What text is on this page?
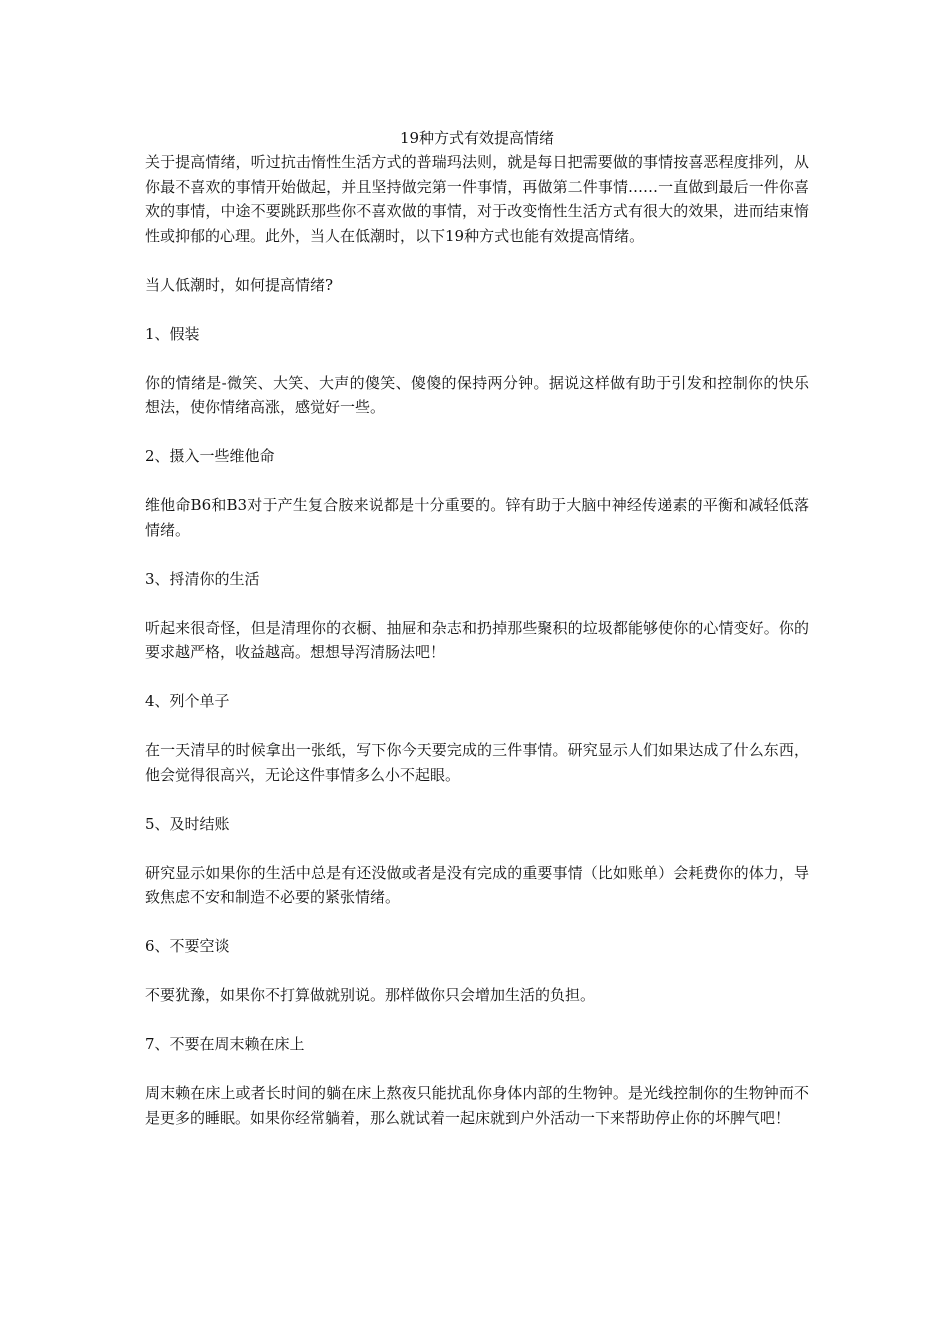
19种方式有效提高情绪

关于提高情绪，听过抗击惰性生活方式的普瑞玛法则，就是每日把需要做的事情按喜恶程度排列，从你最不喜欢的事情开始做起，并且坚持做完第一件事情，再做第二件事情……一直做到最后一件你喜欢的事情，中途不要跳跃那些你不喜欢做的事情，对于改变惰性生活方式有很大的效果，进而结束惰性或抑郁的心理。此外，当人在低潮时，以下19种方式也能有效提高情绪。

当人低潮时，如何提高情绪?

1、假装

你的情绪是-微笑、大笑、大声的傻笑、傻傻的保持两分钟。据说这样做有助于引发和控制你的快乐想法，使你情绪高涨，感觉好一些。

2、摄入一些维他命

维他命B6和B3对于产生复合胺来说都是十分重要的。锌有助于大脑中神经传递素的平衡和减轻低落情绪。

3、捋清你的生活

听起来很奇怪，但是清理你的衣橱、抽屉和杂志和扔掉那些聚积的垃圾都能够使你的心情变好。你的要求越严格，收益越高。想想导泻清肠法吧！

4、列个单子

在一天清早的时候拿出一张纸，写下你今天要完成的三件事情。研究显示人们如果达成了什么东西，他会觉得很高兴，无论这件事情多么小不起眼。

5、及时结账

研究显示如果你的生活中总是有还没做或者是没有完成的重要事情（比如账单）会耗费你的体力，导致焦虑不安和制造不必要的紧张情绪。

6、不要空谈

不要犹豫，如果你不打算做就别说。那样做你只会增加生活的负担。

7、不要在周末赖在床上

周末赖在床上或者长时间的躺在床上熬夜只能扰乱你身体内部的生物钟。是光线控制你的生物钟而不是更多的睡眠。如果你经常躺着，那么就试着一起床就到户外活动一下来帮助停止你的坏脾气吧！
